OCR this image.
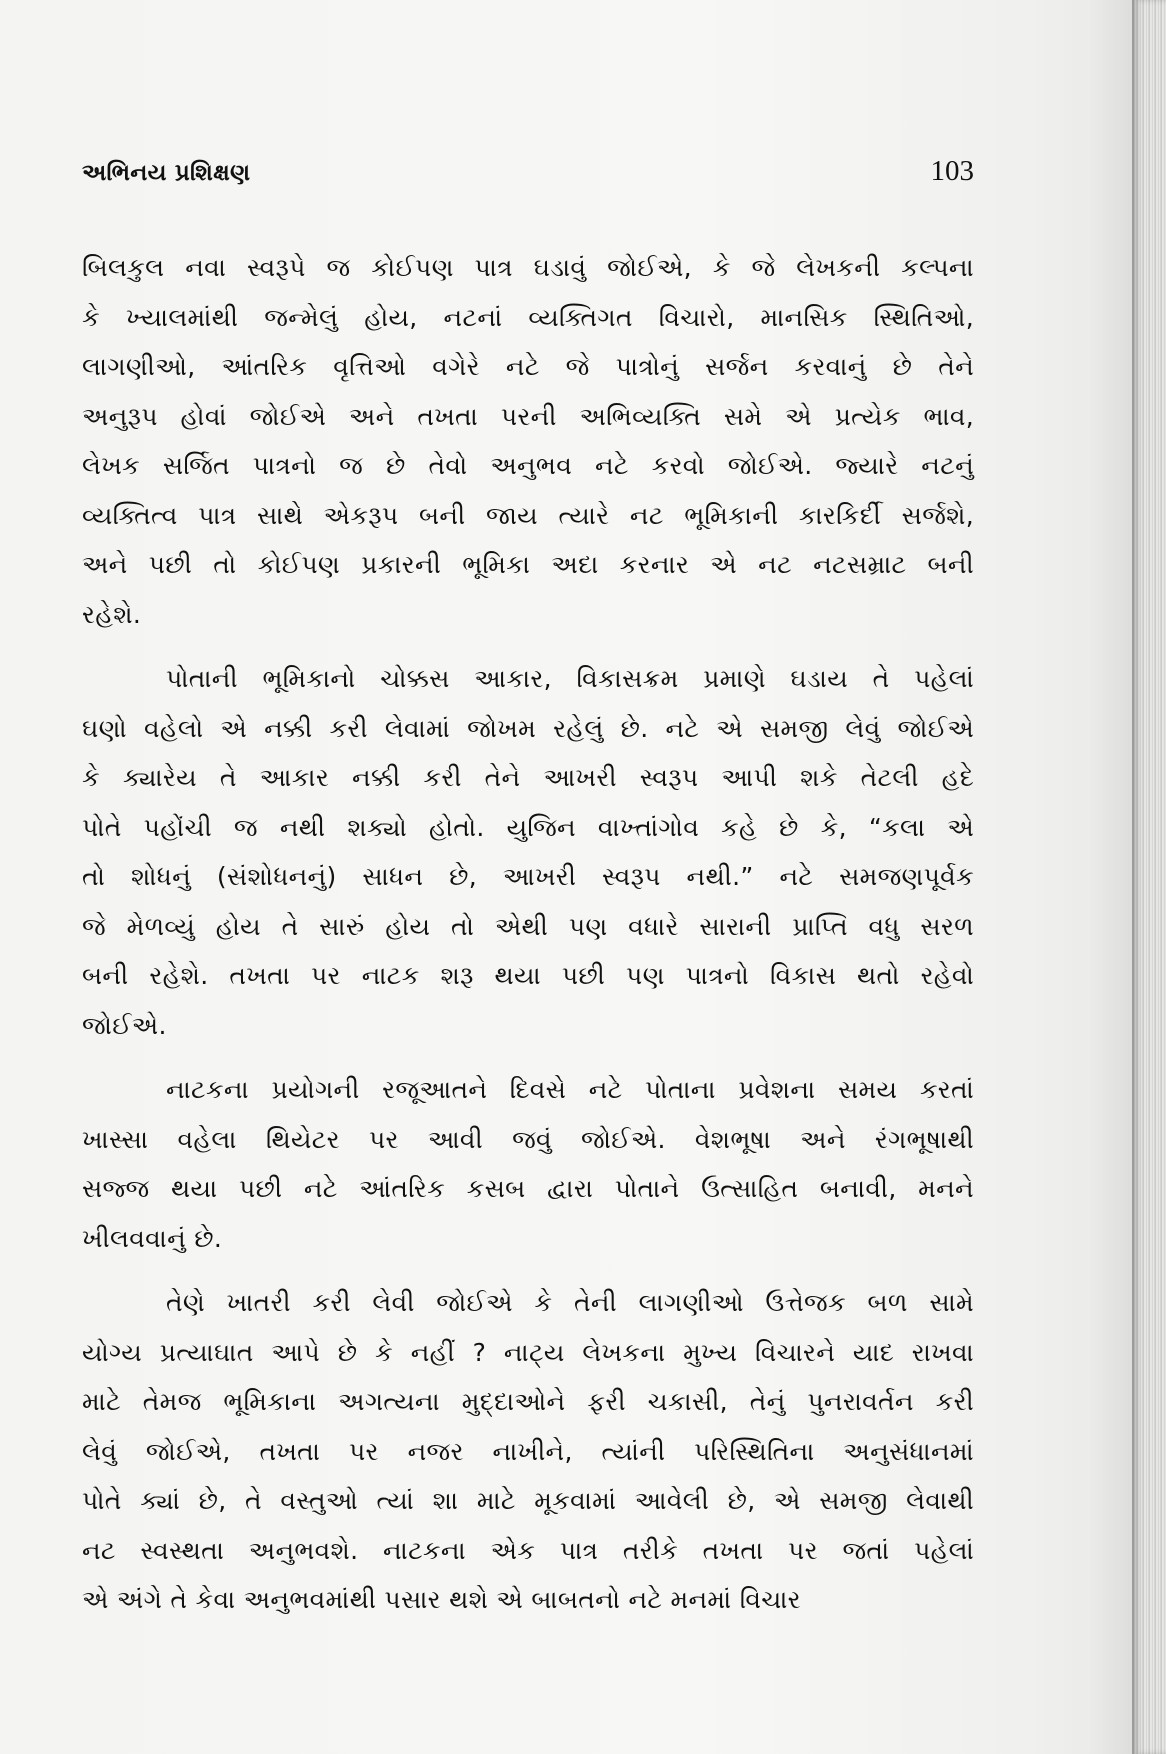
અભિનય પ્રશિક્ષણ	103
બિલકુલ નવા સ્વરૂપે જ કોઈપણ પાત્ર ઘડાવું જોઈએ, કે જે લેખકની કલ્પના
કે ખ્યાલમાંથી જન્મેલું હોય, નટનાં વ્યક્તિગત વિચારો, માનસિક સ્થિતિઓ,
લાગણીઓ, આંતરિક વૃત્તિઓ વગેરે નટે જે પાત્રોનું સર્જન કરવાનું છે તેને
અનુરૂપ હોવાં જોઈએ અને તખતા પરની અભિવ્યક્તિ સમે એ પ્રત્યેક ભાવ,
લેખક સર્જિત પાત્રનો જ છે તેવો અનુભવ નટે કરવો જોઈએ. જ્યારે નટનું
વ્યક્તિત્વ પાત્ર સાથે એકરૂપ બની જાય ત્યારે નટ ભૂમિકાની કારકિર્દી સર્જશે,
અને પછી તો કોઈપણ પ્રકારની ભૂમિકા અદા કરનાર એ નટ નટસમ્રાટ બની
રહેશે.
પોતાની ભૂમિકાનો ચોક્કસ આકાર, વિકાસક્રમ પ્રમાણે ઘડાય તે પહેલાં
ઘણો વહેલો એ નક્કી કરી લેવામાં જોખમ રહેલું છે. નટે એ સમજી લેવું જોઈએ
કે ક્યારેય તે આકાર નક્કી કરી તેને આખરી સ્વરૂપ આપી શકે તેટલી હદે
પોતે પહોંચી જ નથી શક્યો હોતો. યુજિન વાખ્તાંગોવ કહે છે કે, “કલા એ
તો શોધનું (સંશોધનનું) સાધન છે, આખરી સ્વરૂપ નથી.” નટે સમજણપૂર્વક
જે મેળવ્યું હોય તે સારું હોય તો એથી પણ વધારે સારાની પ્રાપ્તિ વધુ સરળ
બની રહેશે. તખતા પર નાટક શરૂ થયા પછી પણ પાત્રનો વિકાસ થતો રહેવો
જોઈએ.
નાટકના પ્રયોગની રજૂઆતને દિવસે નટે પોતાના પ્રવેશના સમય કરતાં
ખાસ્સા વહેલા થિયેટર પર આવી જવું જોઈએ. વેશભૂષા અને રંગભૂષાથી
સજ્જ થયા પછી નટે આંતરિક કસબ દ્વારા પોતાને ઉત્સાહિત બનાવી, મનને
ખીલવવાનું છે.
તેણે ખાતરી કરી લેવી જોઈએ કે તેની લાગણીઓ ઉત્તેજક બળ સામે
યોગ્ય પ્રત્યાઘાત આપે છે કે નહીં ? નાટ્ય લેખકના મુખ્ય વિચારને યાદ રાખવા
માટે તેમજ ભૂમિકાના અગત્યના મુદ્દાઓને ફરી ચકાસી, તેનું પુનરાવર્તન કરી
લેવું જોઈએ, તખતા પર નજર નાખીને, ત્યાંની પરિસ્થિતિના અનુસંધાનમાં
પોતે ક્યાં છે, તે વસ્તુઓ ત્યાં શા માટે મૂકવામાં આવેલી છે, એ સમજી લેવાથી
નટ સ્વસ્થતા અનુભવશે. નાટકના એક પાત્ર તરીકે તખતા પર જતાં પહેલાં
એ અંગે તે કેવા અનુભવમાંથી પસાર થશે એ બાબતનો નટે મનમાં વિચાર
